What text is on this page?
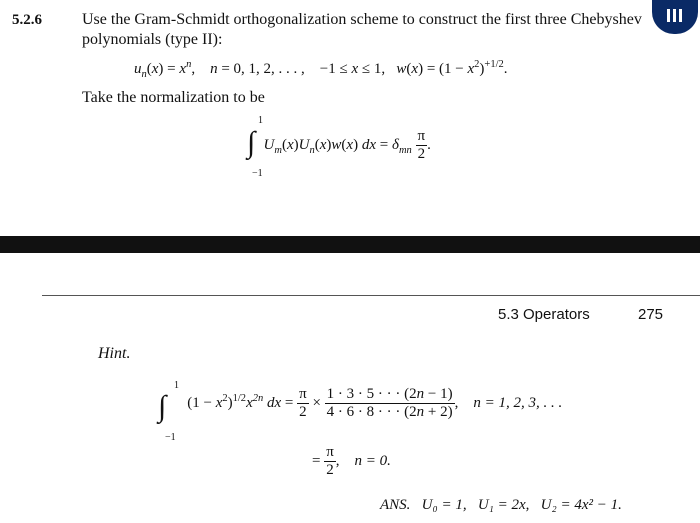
5.2.6	Use the Gram-Schmidt orthogonalization scheme to construct the first three Chebyshev
polynomials (type II):
$u_n(x) = x^n$,    n = 0, 1, 2, . . . , −1 ≤ x ≤ 1,   $w(x) = (1 - x^2)^{+1/2}$.
Take the normalization to be
1
∫
−1
$U_m(x)U_n(x)w(x)$ dx = $\delta_{mn} \frac{\pi}{2}$ .
5.3 Operators	275
Hint.
1
∫
−1
$(1 - x^2)^{1/2}x^{2n}$ dx = $\frac{\pi}{2} \times \frac{1 \cdot 3 \cdot 5 \cdot \cdot \cdot (2n - 1)}{4 \cdot 6 \cdot 8 \cdot \cdot \cdot (2n + 2)}$ , n = 1, 2, 3, . . .
= $\frac{\pi}{2}$ , n = 0.
ANS. U₀ = 1, U₁ = 2x, U₂ = 4x² − 1.
